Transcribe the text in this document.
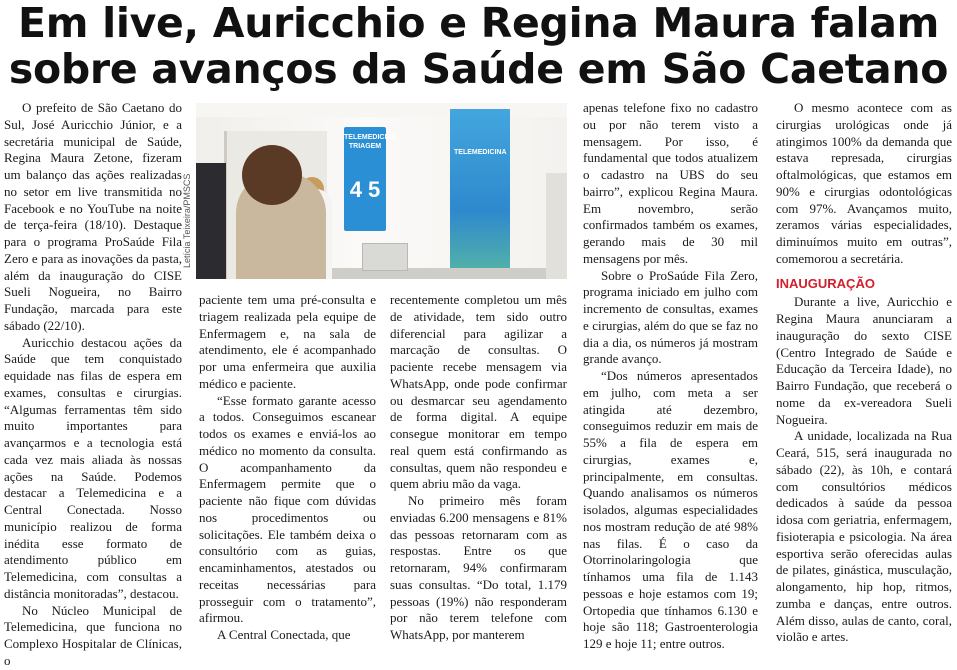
Em live, Auricchio e Regina Maura falam
sobre avanços da Saúde em São Caetano
Letícia Teixeira/PMSCS
TELEMEDICINA TRIAGEM
4 5
TELEMEDICINA

O prefeito de São Caetano do Sul, José Auricchio Júnior, e a secretária municipal de Saúde, Regina Maura Zetone, fizeram um balanço das ações realizadas no setor em live transmitida no Facebook e no YouTube na noite de terça-feira (18/10). Destaque para o programa ProSaúde Fila Zero e para as inovações da pasta, além da inauguração do CISE Sueli Nogueira, no Bairro Fundação, marcada para este sábado (22/10).

Auricchio destacou ações da Saúde que tem conquistado equidade nas filas de espera em exames, consultas e cirurgias. “Algumas ferramentas têm sido muito importantes para avançarmos e a tecnologia está cada vez mais aliada às nossas ações na Saúde. Podemos destacar a Telemedicina e a Central Conectada. Nosso município realizou de forma inédita esse formato de atendimento público em Telemedicina, com consultas a distância monitoradas”, destacou.

No Núcleo Municipal de Telemedicina, que funciona no Complexo Hospitalar de Clínicas, o

paciente tem uma pré-consulta e triagem realizada pela equipe de Enfermagem e, na sala de atendimento, ele é acompanhado por uma enfermeira que auxilia médico e paciente.

“Esse formato garante acesso a todos. Conseguimos escanear todos os exames e enviá-los ao médico no momento da consulta. O acompanhamento da Enfermagem permite que o paciente não fique com dúvidas nos procedimentos ou solicitações. Ele também deixa o consultório com as guias, encaminhamentos, atestados ou receitas necessárias para prosseguir com o tratamento”, afirmou.

A Central Conectada, que

recentemente completou um mês de atividade, tem sido outro diferencial para agilizar a marcação de consultas. O paciente recebe mensagem via WhatsApp, onde pode confirmar ou desmarcar seu agendamento de forma digital. A equipe consegue monitorar em tempo real quem está confirmando as consultas, quem não respondeu e quem abriu mão da vaga.

No primeiro mês foram enviadas 6.200 mensagens e 81% das pessoas retornaram com as respostas. Entre os que retornaram, 94% confirmaram suas consultas. “Do total, 1.179 pessoas (19%) não responderam por não terem telefone com WhatsApp, por manterem

apenas telefone fixo no cadastro ou por não terem visto a mensagem. Por isso, é fundamental que todos atualizem o cadastro na UBS do seu bairro”, explicou Regina Maura. Em novembro, serão confirmados também os exames, gerando mais de 30 mil mensagens por mês.

Sobre o ProSaúde Fila Zero, programa iniciado em julho com incremento de consultas, exames e cirurgias, além do que se faz no dia a dia, os números já mostram grande avanço.

“Dos números apresentados em julho, com meta a ser atingida até dezembro, conseguimos reduzir em mais de 55% a fila de espera em cirurgias, exames e, principalmente, em consultas. Quando analisamos os números isolados, algumas especialidades nos mostram redução de até 98% nas filas. É o caso da Otorrinolaringologia que tínhamos uma fila de 1.143 pessoas e hoje estamos com 19; Ortopedia que tínhamos 6.130 e hoje são 118; Gastroenterologia 129 e hoje 11; entre outros.

O mesmo acontece com as cirurgias urológicas onde já atingimos 100% da demanda que estava represada, cirurgias oftalmológicas, que estamos em 90% e cirurgias odontológicas com 97%. Avançamos muito, zeramos várias especialidades, diminuímos muito em outras”, comemorou a secretária.

INAUGURAÇÃO

Durante a live, Auricchio e Regina Maura anunciaram a inauguração do sexto CISE (Centro Integrado de Saúde e Educação da Terceira Idade), no Bairro Fundação, que receberá o nome da ex-vereadora Sueli Nogueira.

A unidade, localizada na Rua Ceará, 515, será inaugurada no sábado (22), às 10h, e contará com consultórios médicos dedicados à saúde da pessoa idosa com geriatria, enfermagem, fisioterapia e psicologia. Na área esportiva serão oferecidas aulas de pilates, ginástica, musculação, alongamento, hip hop, ritmos, zumba e danças, entre outros. Além disso, aulas de canto, coral, violão e artes.
